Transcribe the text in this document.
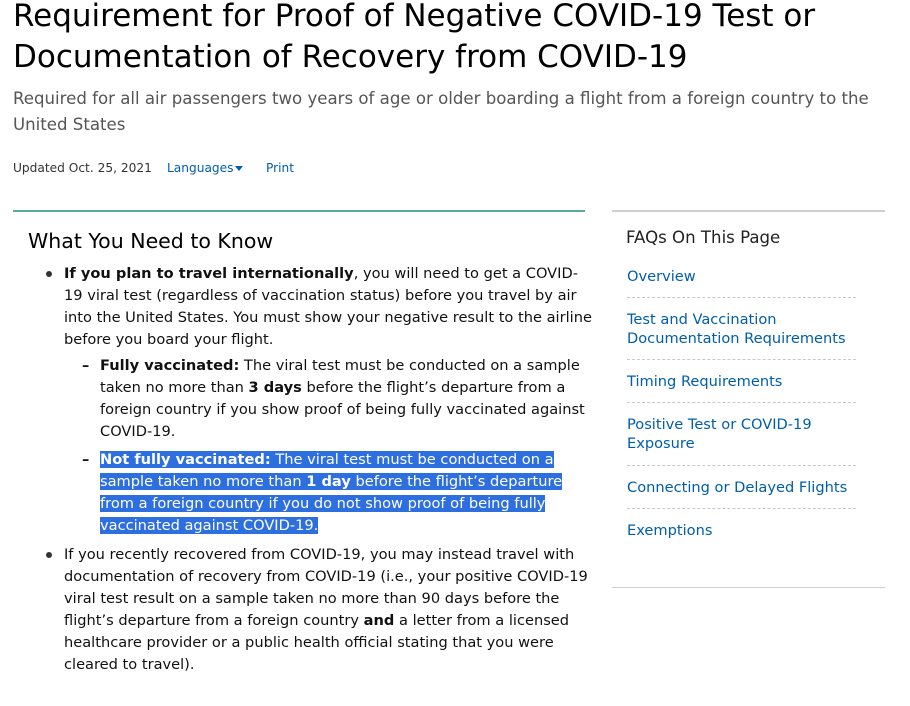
Requirement for Proof of Negative COVID-19 Test or Documentation of Recovery from COVID-19

Required for all air passengers two years of age or older boarding a flight from a foreign country to the United States

Updated Oct. 25, 2021 Languages	Print
What You Need to Know
If you plan to travel internationally, you will need to get a COVID-19 viral test (regardless of vaccination status) before you travel by air into the United States. You must show your negative result to the airline before you board your flight.
– Fully vaccinated: The viral test must be conducted on a sample taken no more than 3 days before the flight’s departure from a foreign country if you show proof of being fully vaccinated against COVID-19.
– Not fully vaccinated: The viral test must be conducted on a sample taken no more than 1 day before the flight’s departure from a foreign country if you do not show proof of being fully vaccinated against COVID-19.
If you recently recovered from COVID-19, you may instead travel with documentation of recovery from COVID-19 (i.e., your positive COVID-19 viral test result on a sample taken no more than 90 days before the flight’s departure from a foreign country and a letter from a licensed healthcare provider or a public health official stating that you were cleared to travel).
FAQs On This Page
Overview
Test and Vaccination Documentation Requirements
Timing Requirements
Positive Test or COVID-19 Exposure
Connecting or Delayed Flights
Exemptions
